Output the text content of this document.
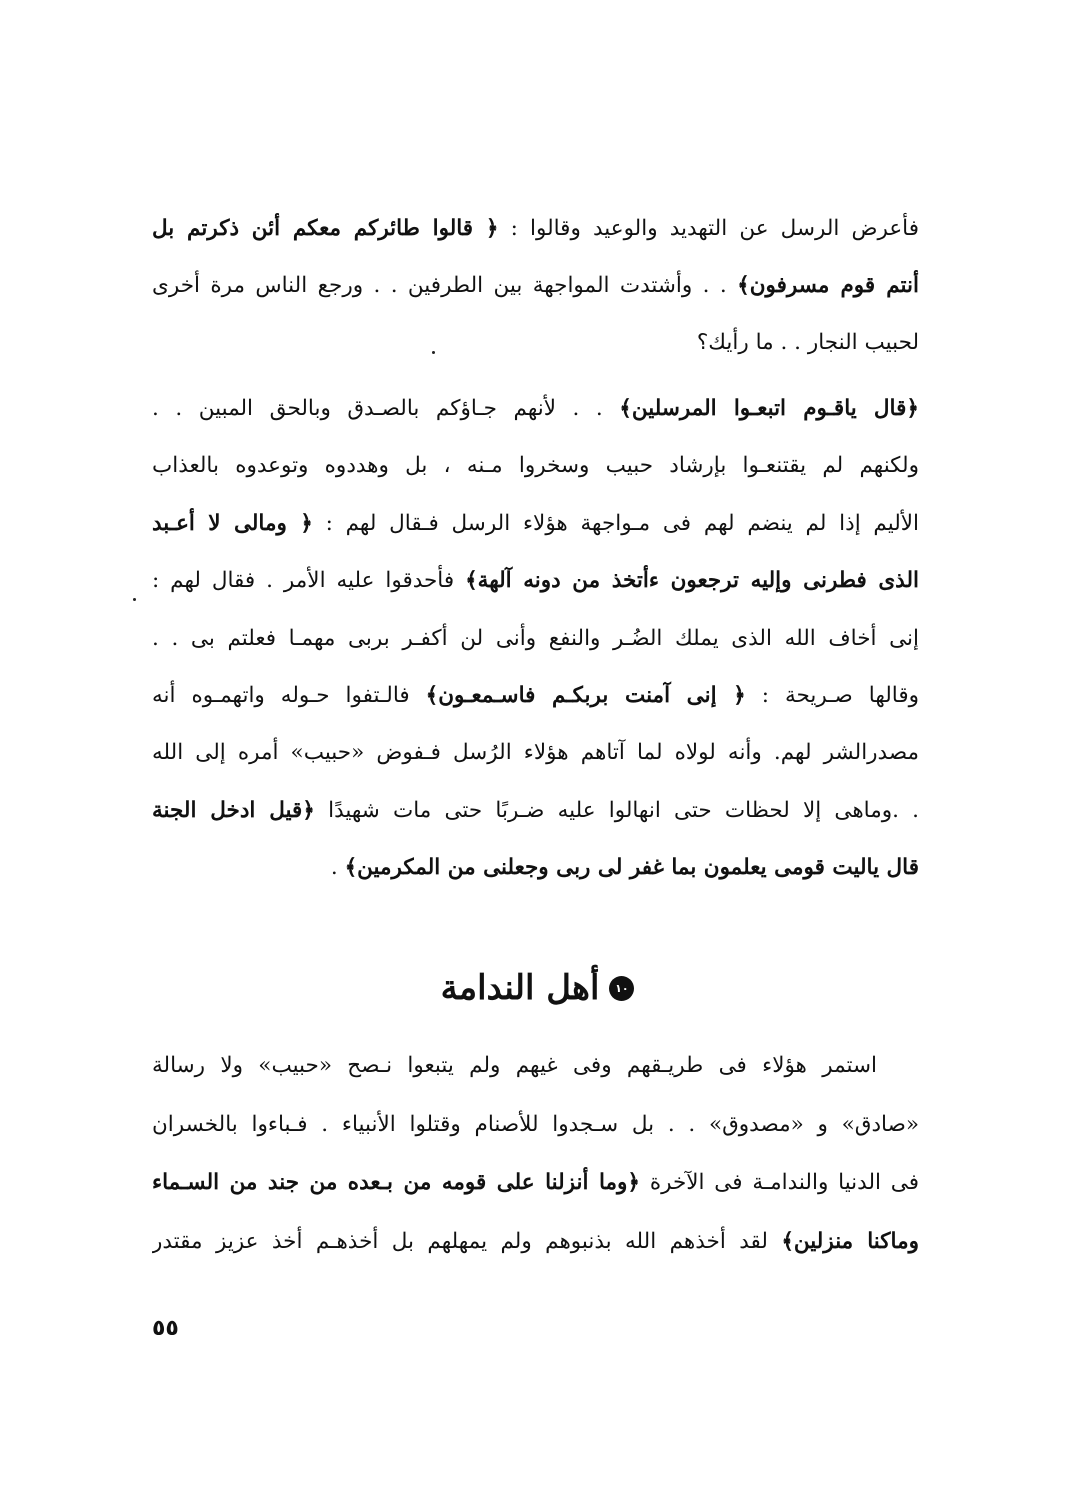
فأعرض الرسل عن التهديد والوعيد وقالوا : ﴿ قالوا طائركم معكم أئن ذكرتم بل
أنتم قوم مسرفون﴾ . . وأشتدت المواجهة بين الطرفين . . ورجع الناس مرة أخرى
لحبيب النجار . . ما رأيك؟
﴿قال ياقـوم اتبعـوا المرسلين﴾ . . لأنهم جـاؤكم بالصـدق وبالحق المبين . .
ولكنهم لم يقتنعـوا بإرشاد حبيب وسخروا مـنه ، بل وهددوه وتوعدوه بالعذاب
الأليم إذا لم ينضم لهم فى مـواجهة هؤلاء الرسل فـقال لهم : ﴿ ومالى لا أعـبد
الذى فطرنى وإليه ترجعون ءأتخذ من دونه آلهة﴾ فأحدقوا عليه الأمر . فقال لهم :
إنى أخاف الله الذى يملك الضُـر والنفع وأنى لن أكفـر بربى مهمـا فعلتم بى . .
وقالها صـريحة : ﴿ إنى آمنت بربكـم فاسـمعـون﴾ فالـتفوا حـوله واتهمـوه أنه
مصدرالشر لهم. وأنه لولاه لما آتاهم هؤلاء الرُسل فـفوض «حبيب» أمره إلى الله
. .وماهى إلا لحظات حتى انهالوا عليه ضـربًا حتى مات شهيدًا ﴿قيل ادخل الجنة
قال ياليت قومى يعلمون بما غفر لى ربى وجعلنى من المكرمين﴾ .
١٠
أهل الندامة
استمر هؤلاء فى طريـقهم وفى غيهم ولم يتبعوا نـصح «حبيب» ولا رسالة
«صادق» و «مصدوق» . . بل سـجدوا للأصنام وقتلوا الأنبياء . فـباءوا بالخسران
فى الدنيا والندامـة فى الآخرة ﴿وما أنزلنا على قومه من بـعده من جند من السـماء
وماكنا منزلين﴾ لقد أخذهم الله بذنبوهم ولم يمهلهم بل أخذهـم أخذ عزيز مقتدر
٥٥
